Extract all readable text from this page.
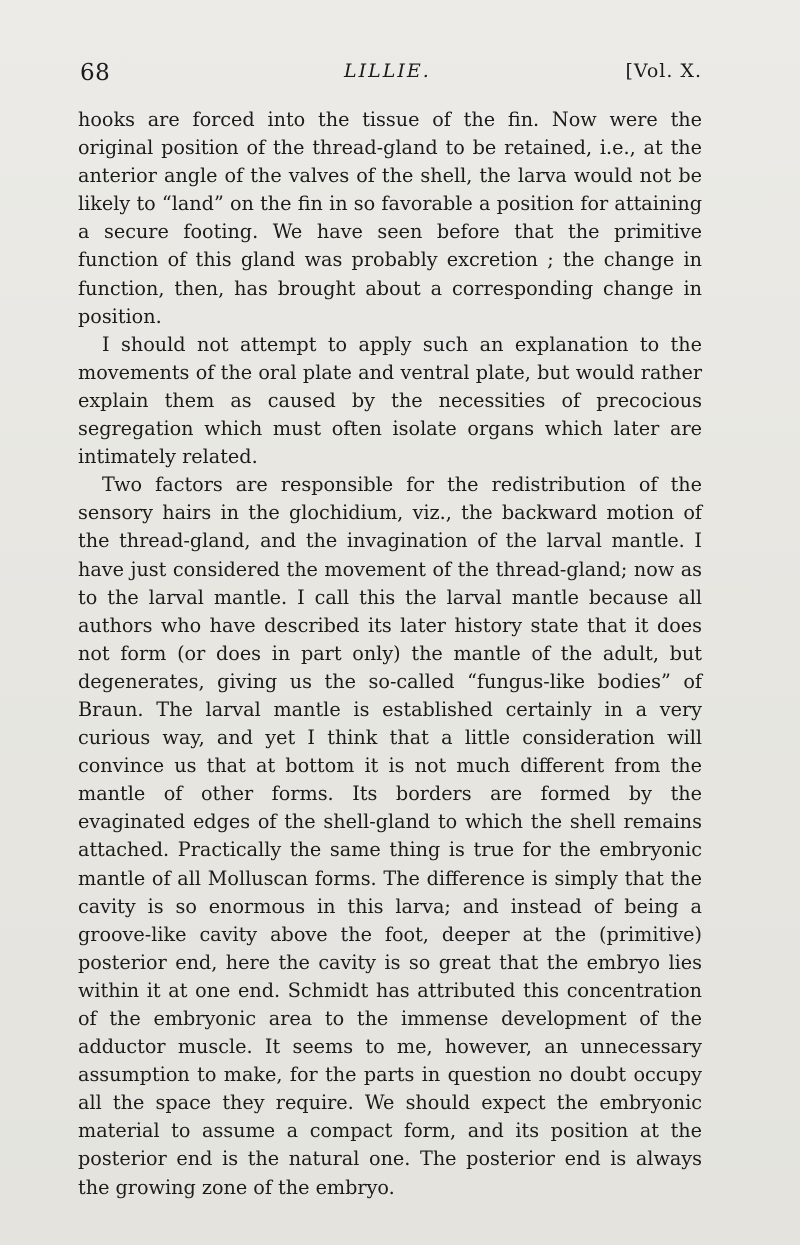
68	LILLIE.	[Vol. X.

hooks are forced into the tissue of the fin. Now were the original position of the thread-gland to be retained, i.e., at the anterior angle of the valves of the shell, the larva would not be likely to “land” on the fin in so favorable a position for attaining a secure footing. We have seen before that the primitive function of this gland was probably excretion ; the change in function, then, has brought about a corresponding change in position.

I should not attempt to apply such an explanation to the movements of the oral plate and ventral plate, but would rather explain them as caused by the necessities of precocious segregation which must often isolate organs which later are intimately related.

Two factors are responsible for the redistribution of the sensory hairs in the glochidium, viz., the backward motion of the thread-gland, and the invagination of the larval mantle. I have just considered the movement of the thread-gland; now as to the larval mantle. I call this the larval mantle because all authors who have described its later history state that it does not form (or does in part only) the mantle of the adult, but degenerates, giving us the so-called “fungus-like bodies” of Braun. The larval mantle is established certainly in a very curious way, and yet I think that a little consideration will convince us that at bottom it is not much different from the mantle of other forms. Its borders are formed by the evaginated edges of the shell-gland to which the shell remains attached. Practically the same thing is true for the embryonic mantle of all Molluscan forms. The difference is simply that the cavity is so enormous in this larva; and instead of being a groove-like cavity above the foot, deeper at the (primitive) posterior end, here the cavity is so great that the embryo lies within it at one end. Schmidt has attributed this concentration of the embryonic area to the immense development of the adductor muscle. It seems to me, however, an unnecessary assumption to make, for the parts in question no doubt occupy all the space they require. We should expect the embryonic material to assume a compact form, and its position at the posterior end is the natural one. The posterior end is always the growing zone of the embryo.
